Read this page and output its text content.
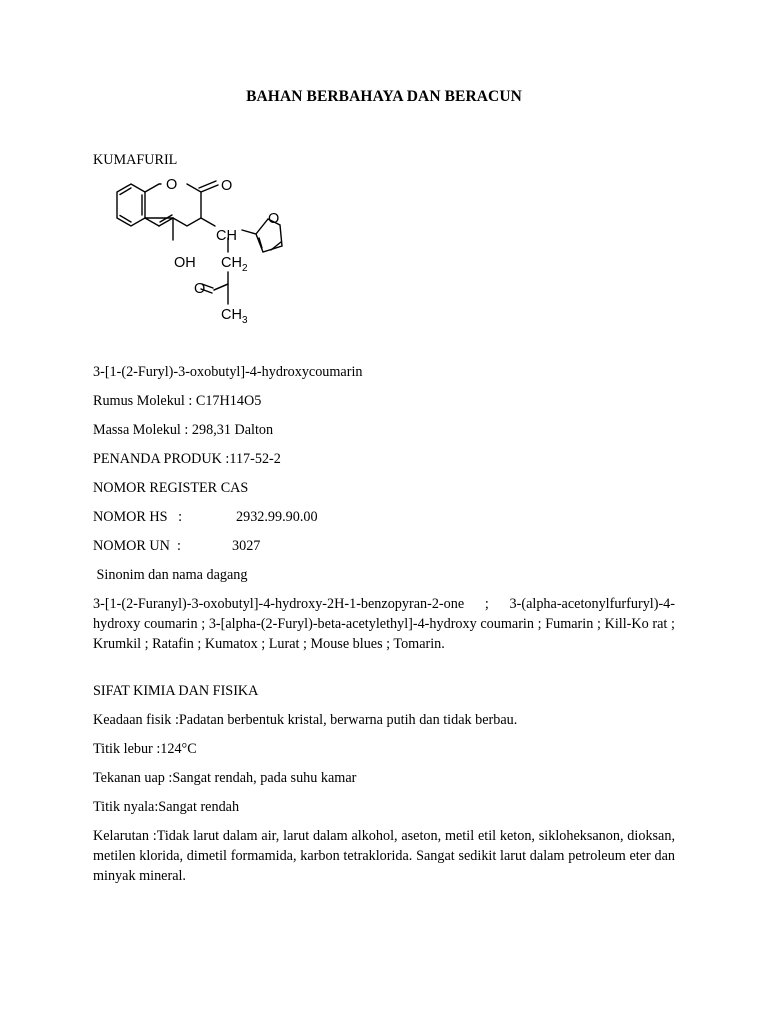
BAHAN BERBAHAYA DAN BERACUN
KUMAFURIL
O	O
O
CH
OH $CH_2$
O
$CH_3$
3-[1-(2-Furyl)-3-oxobutyl]-4-hydroxycoumarin
Rumus Molekul : C17H14O5
Massa Molekul : 298,31 Dalton
PENANDA PRODUK :117-52-2
NOMOR REGISTER CAS
NOMOR HS   :	2932.99.90.00
NOMOR UN  :	3027
Sinonim dan nama dagang
3-[1-(2-Furanyl)-3-oxobutyl]-4-hydroxy-2H-1-benzopyran-2-one ; 3-(alpha-acetonylfurfuryl)-4-hydroxy coumarin ; 3-[alpha-(2-Furyl)-beta-acetylethyl]-4-hydroxy coumarin ; Fumarin ; Kill-Ko rat ; Krumkil ; Ratafin ; Kumatox ; Lurat ; Mouse blues ; Tomarin.
SIFAT KIMIA DAN FISIKA
Keadaan fisik :Padatan berbentuk kristal, berwarna putih dan tidak berbau.
Titik lebur :124°C
Tekanan uap :Sangat rendah, pada suhu kamar
Titik nyala:Sangat rendah
Kelarutan :Tidak larut dalam air, larut dalam alkohol, aseton, metil etil keton, sikloheksanon, dioksan, metilen klorida, dimetil formamida, karbon tetraklorida. Sangat sedikit larut dalam petroleum eter dan minyak mineral.
